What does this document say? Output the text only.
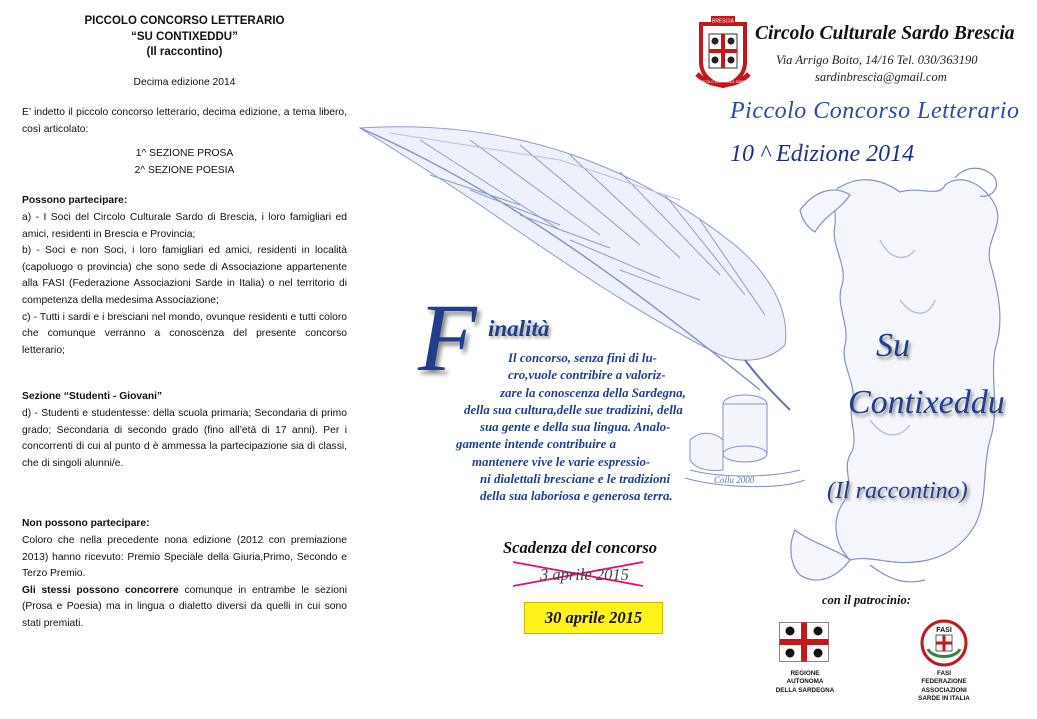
BRESCIA
CIRCOLO CULTURALE SARDO

PICCOLO CONCORSO LETTERARIO

“SU CONTIXEDDU”

(Il raccontino)

Decima edizione 2014

E’ indetto il piccolo concorso letterario, decima edizione, a tema libero, così articolato:

1^ SEZIONE PROSA

2^ SEZIONE POESIA

Possono partecipare:

a) - I Soci del Circolo Culturale Sardo di Brescia, i loro famigliari ed amici, residenti in Brescia e Provincia;

b) - Soci e non Soci, i loro famigliari ed amici, residenti in località (capoluogo o provincia) che sono sede di Associazione appartenente alla FASI (Federazione Associazioni Sarde in Italia) o nel territorio di competenza della medesima Associazione;

c) - Tutti i sardi e i bresciani nel mondo, ovunque residenti e tutti coloro che comunque verranno a conoscenza del presente concorso letterario;

Sezione “Studenti - Giovani”

d) - Studenti e studentesse: della scuola primaria; Secondaria di primo grado; Secondaria di secondo grado (fino all’età di 17 anni). Per i concorrenti di cui al punto d è ammessa la partecipazione sia di classi, che di singoli alunni/e.

Non possono partecipare:

Coloro che nella precedente nona edizione (2012 con premiazione 2013) hanno ricevuto: Premio Speciale della Giuria,Primo, Secondo e Terzo Premio.

Gli stessi possono concorrere comunque in entrambe le sezioni (Prosa e Poesia) ma in lingua o dialetto diversi da quelli in cui sono stati premiati.

Circolo Culturale Sardo Brescia
Via Arrigo Boito, 14/16 Tel. 030/363190
sardinbrescia@gmail.com
Piccolo Concorso Letterario
10 ^ Edizione 2014
F inalità
Il concorso, senza fini di lu-
cro,vuole contribire a valoriz-
zare la conoscenza della Sardegna,
della sua cultura,delle sue tradizini, della
sua gente e della sua lingua. Analo-
gamente intende contribuire a
mantenere vive le varie espressio-
ni dialettali bresciane e le tradizioni
della sua laboriosa e generosa terra.
Collu 2000
Su
Contixeddu
(Il raccontino)
Scadenza del concorso
3 aprile 2015
30 aprile 2015
con il patrocinio:
REGIONE
AUTONOMA
DELLA SARDEGNA
FASI
FASI
FEDERAZIONE
ASSOCIAZIONI
SARDE IN ITALIA
